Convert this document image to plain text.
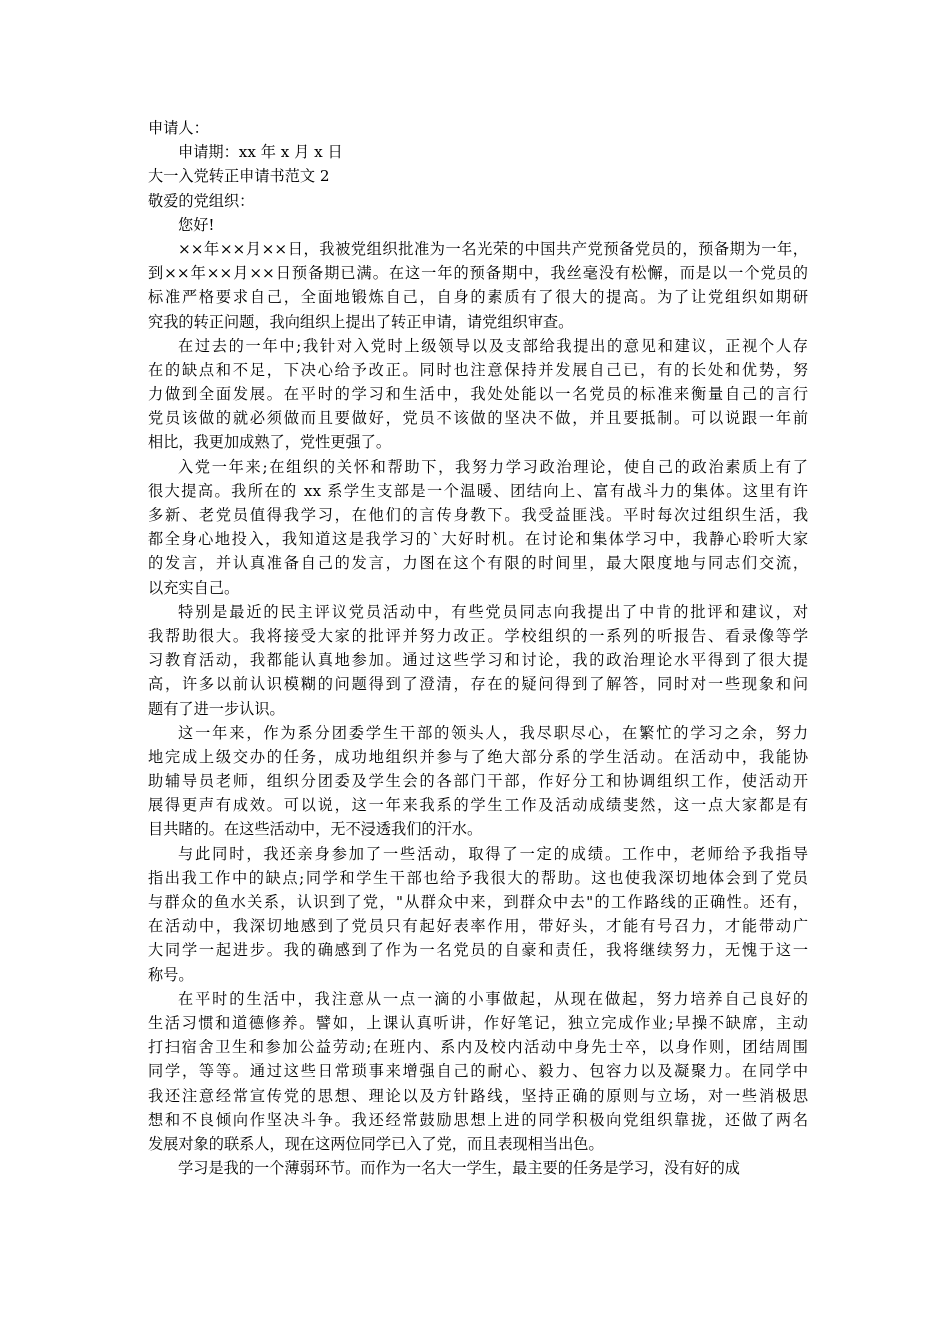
申请人：
申请期：xx 年 x 月 x 日
大一入党转正申请书范文 2
敬爱的党组织：
您好!
××年××月××日，我被党组织批准为一名光荣的中国共产党预备党员的，预备期为一年，
到××年××月××日预备期已满。在这一年的预备期中，我丝毫没有松懈，而是以一个党员的
标准严格要求自己，全面地锻炼自己，自身的素质有了很大的提高。为了让党组织如期研
究我的转正问题，我向组织上提出了转正申请，请党组织审查。
在过去的一年中;我针对入党时上级领导以及支部给我提出的意见和建议，正视个人存
在的缺点和不足，下决心给予改正。同时也注意保持并发展自己已，有的长处和优势，努
力做到全面发展。在平时的学习和生活中，我处处能以一名党员的标准来衡量自己的言行
党员该做的就必须做而且要做好，党员不该做的坚决不做，并且要抵制。可以说跟一年前
相比，我更加成熟了，党性更强了。
入党一年来;在组织的关怀和帮助下，我努力学习政治理论，使自己的政治素质上有了
很大提高。我所在的 xx 系学生支部是一个温暖、团结向上、富有战斗力的集体。这里有许
多新、老党员值得我学习，在他们的言传身教下。我受益匪浅。平时每次过组织生活，我
都全身心地投入，我知道这是我学习的`大好时机。在讨论和集体学习中，我静心聆听大家
的发言，并认真准备自己的发言，力图在这个有限的时间里，最大限度地与同志们交流，
以充实自己。
特别是最近的民主评议党员活动中，有些党员同志向我提出了中肯的批评和建议，对
我帮助很大。我将接受大家的批评并努力改正。学校组织的一系列的听报告、看录像等学
习教育活动，我都能认真地参加。通过这些学习和讨论，我的政治理论水平得到了很大提
高，许多以前认识模糊的问题得到了澄清，存在的疑问得到了解答，同时对一些现象和问
题有了进一步认识。
这一年来，作为系分团委学生干部的领头人，我尽职尽心，在繁忙的学习之余，努力
地完成上级交办的任务，成功地组织并参与了绝大部分系的学生活动。在活动中，我能协
助辅导员老师，组织分团委及学生会的各部门干部，作好分工和协调组织工作，使活动开
展得更声有成效。可以说，这一年来我系的学生工作及活动成绩斐然，这一点大家都是有
目共睹的。在这些活动中，无不浸透我们的汗水。
与此同时，我还亲身参加了一些活动，取得了一定的成绩。工作中，老师给予我指导
指出我工作中的缺点;同学和学生干部也给予我很大的帮助。这也使我深切地体会到了党员
与群众的鱼水关系，认识到了党，"从群众中来，到群众中去"的工作路线的正确性。还有，
在活动中，我深切地感到了党员只有起好表率作用，带好头，才能有号召力，才能带动广
大同学一起进步。我的确感到了作为一名党员的自豪和责任，我将继续努力，无愧于这一
称号。
在平时的生活中，我注意从一点一滴的小事做起，从现在做起，努力培养自己良好的
生活习惯和道德修养。譬如，上课认真听讲，作好笔记，独立完成作业;早操不缺席，主动
打扫宿舍卫生和参加公益劳动;在班内、系内及校内活动中身先士卒，以身作则，团结周围
同学，等等。通过这些日常琐事来增强自己的耐心、毅力、包容力以及凝聚力。在同学中
我还注意经常宣传党的思想、理论以及方针路线，坚持正确的原则与立场，对一些消极思
想和不良倾向作坚决斗争。我还经常鼓励思想上进的同学积极向党组织靠拢，还做了两名
发展对象的联系人，现在这两位同学已入了党，而且表现相当出色。
学习是我的一个薄弱环节。而作为一名大一学生，最主要的任务是学习，没有好的成
